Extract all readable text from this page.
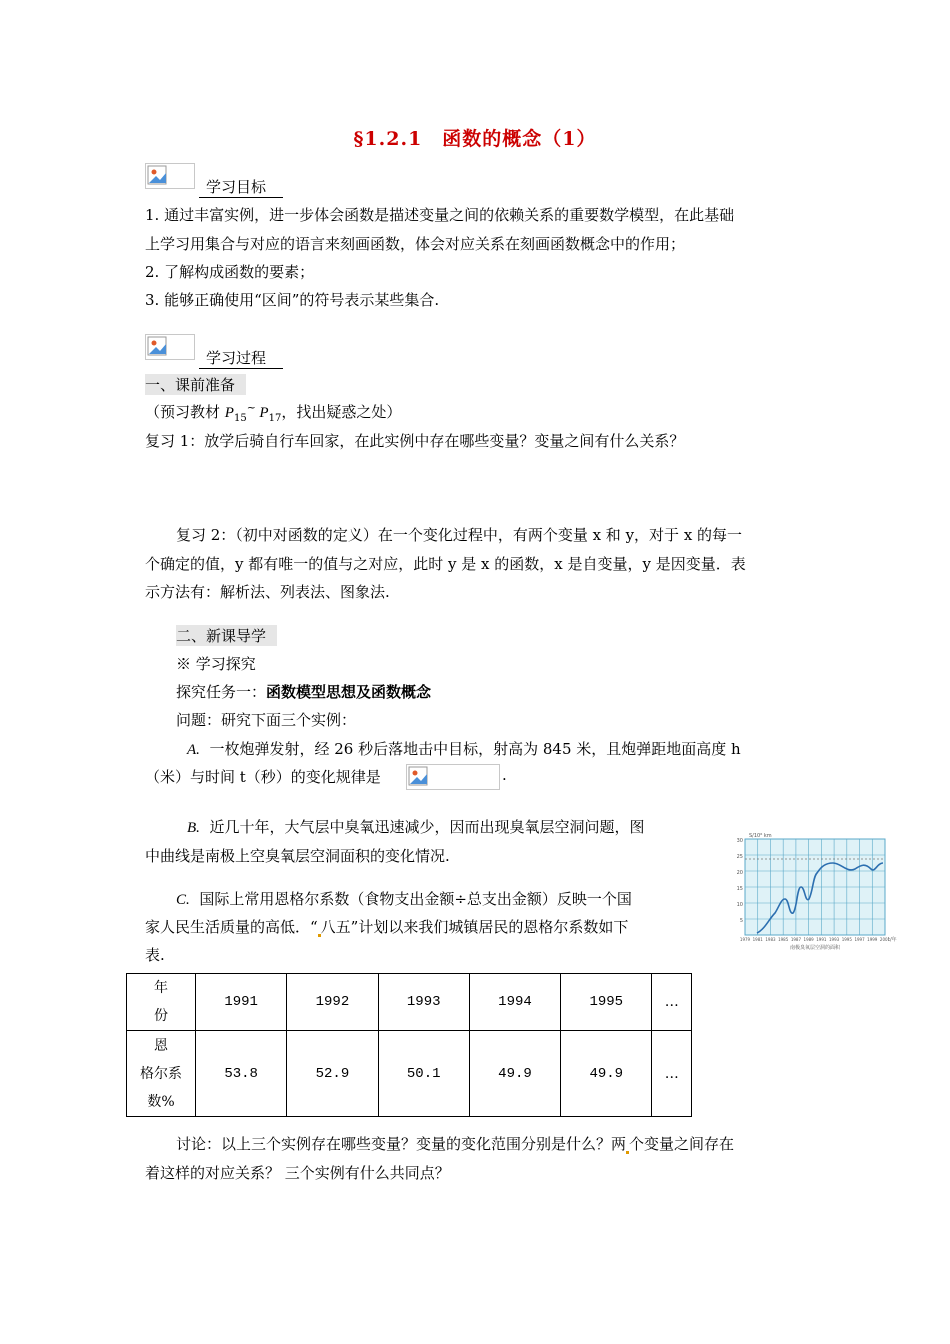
§1.2.1　函数的概念（1）
学习目标
1. 通过丰富实例，进一步体会函数是描述变量之间的依赖关系的重要数学模型，在此基础
上学习用集合与对应的语言来刻画函数，体会对应关系在刻画函数概念中的作用；
2. 了解构成函数的要素；
3. 能够正确使用“区间”的符号表示某些集合.
学习过程
一、课前准备
（预习教材 $P_{15}^\sim$ $P_{17}$，找出疑惑之处）
复习 1：放学后骑自行车回家，在此实例中存在哪些变量？变量之间有什么关系？
复习 2：（初中对函数的定义）在一个变化过程中，有两个变量 x 和 y，对于 x 的每一
个确定的值，y 都有唯一的值与之对应，此时 y 是 x 的函数，x 是自变量，y 是因变量．表
示方法有：解析法、列表法、图象法.
二、新课导学
※ 学习探究
探究任务一：函数模型思想及函数概念
问题：研究下面三个实例：
A. 一枚炮弹发射，经 26 秒后落地击中目标，射高为 845 米，且炮弹距地面高度 h
（米）与时间 t（秒）的变化规律是	.
B. 近几十年，大气层中臭氧迅速减少，因而出现臭氧层空洞问题，图
中曲线是南极上空臭氧层空洞面积的变化情况.
C. 国际上常用恩格尔系数（食物支出金额÷总支出金额）反映一个国
家人民生活质量的高低．“ 八五”计划以来我们城镇居民的恩格尔系数如下
表.
30
25
20
15
10
5
1979 1981 1983 1985 1987 1989 1991 1993 1995 1997 1999 2001
S/10⁶ km
t/年
南极臭氧层空洞的面积
年
份	1991	1992	1993	1994	1995	…

恩
格尔系
数%	53.8	52.9	50.1	49.9	49.9	…
讨论：以上三个实例存在哪些变量？变量的变化范围分别是什么？两 个变量之间存在
着这样的对应关系？ 三个实例有什么共同点？
